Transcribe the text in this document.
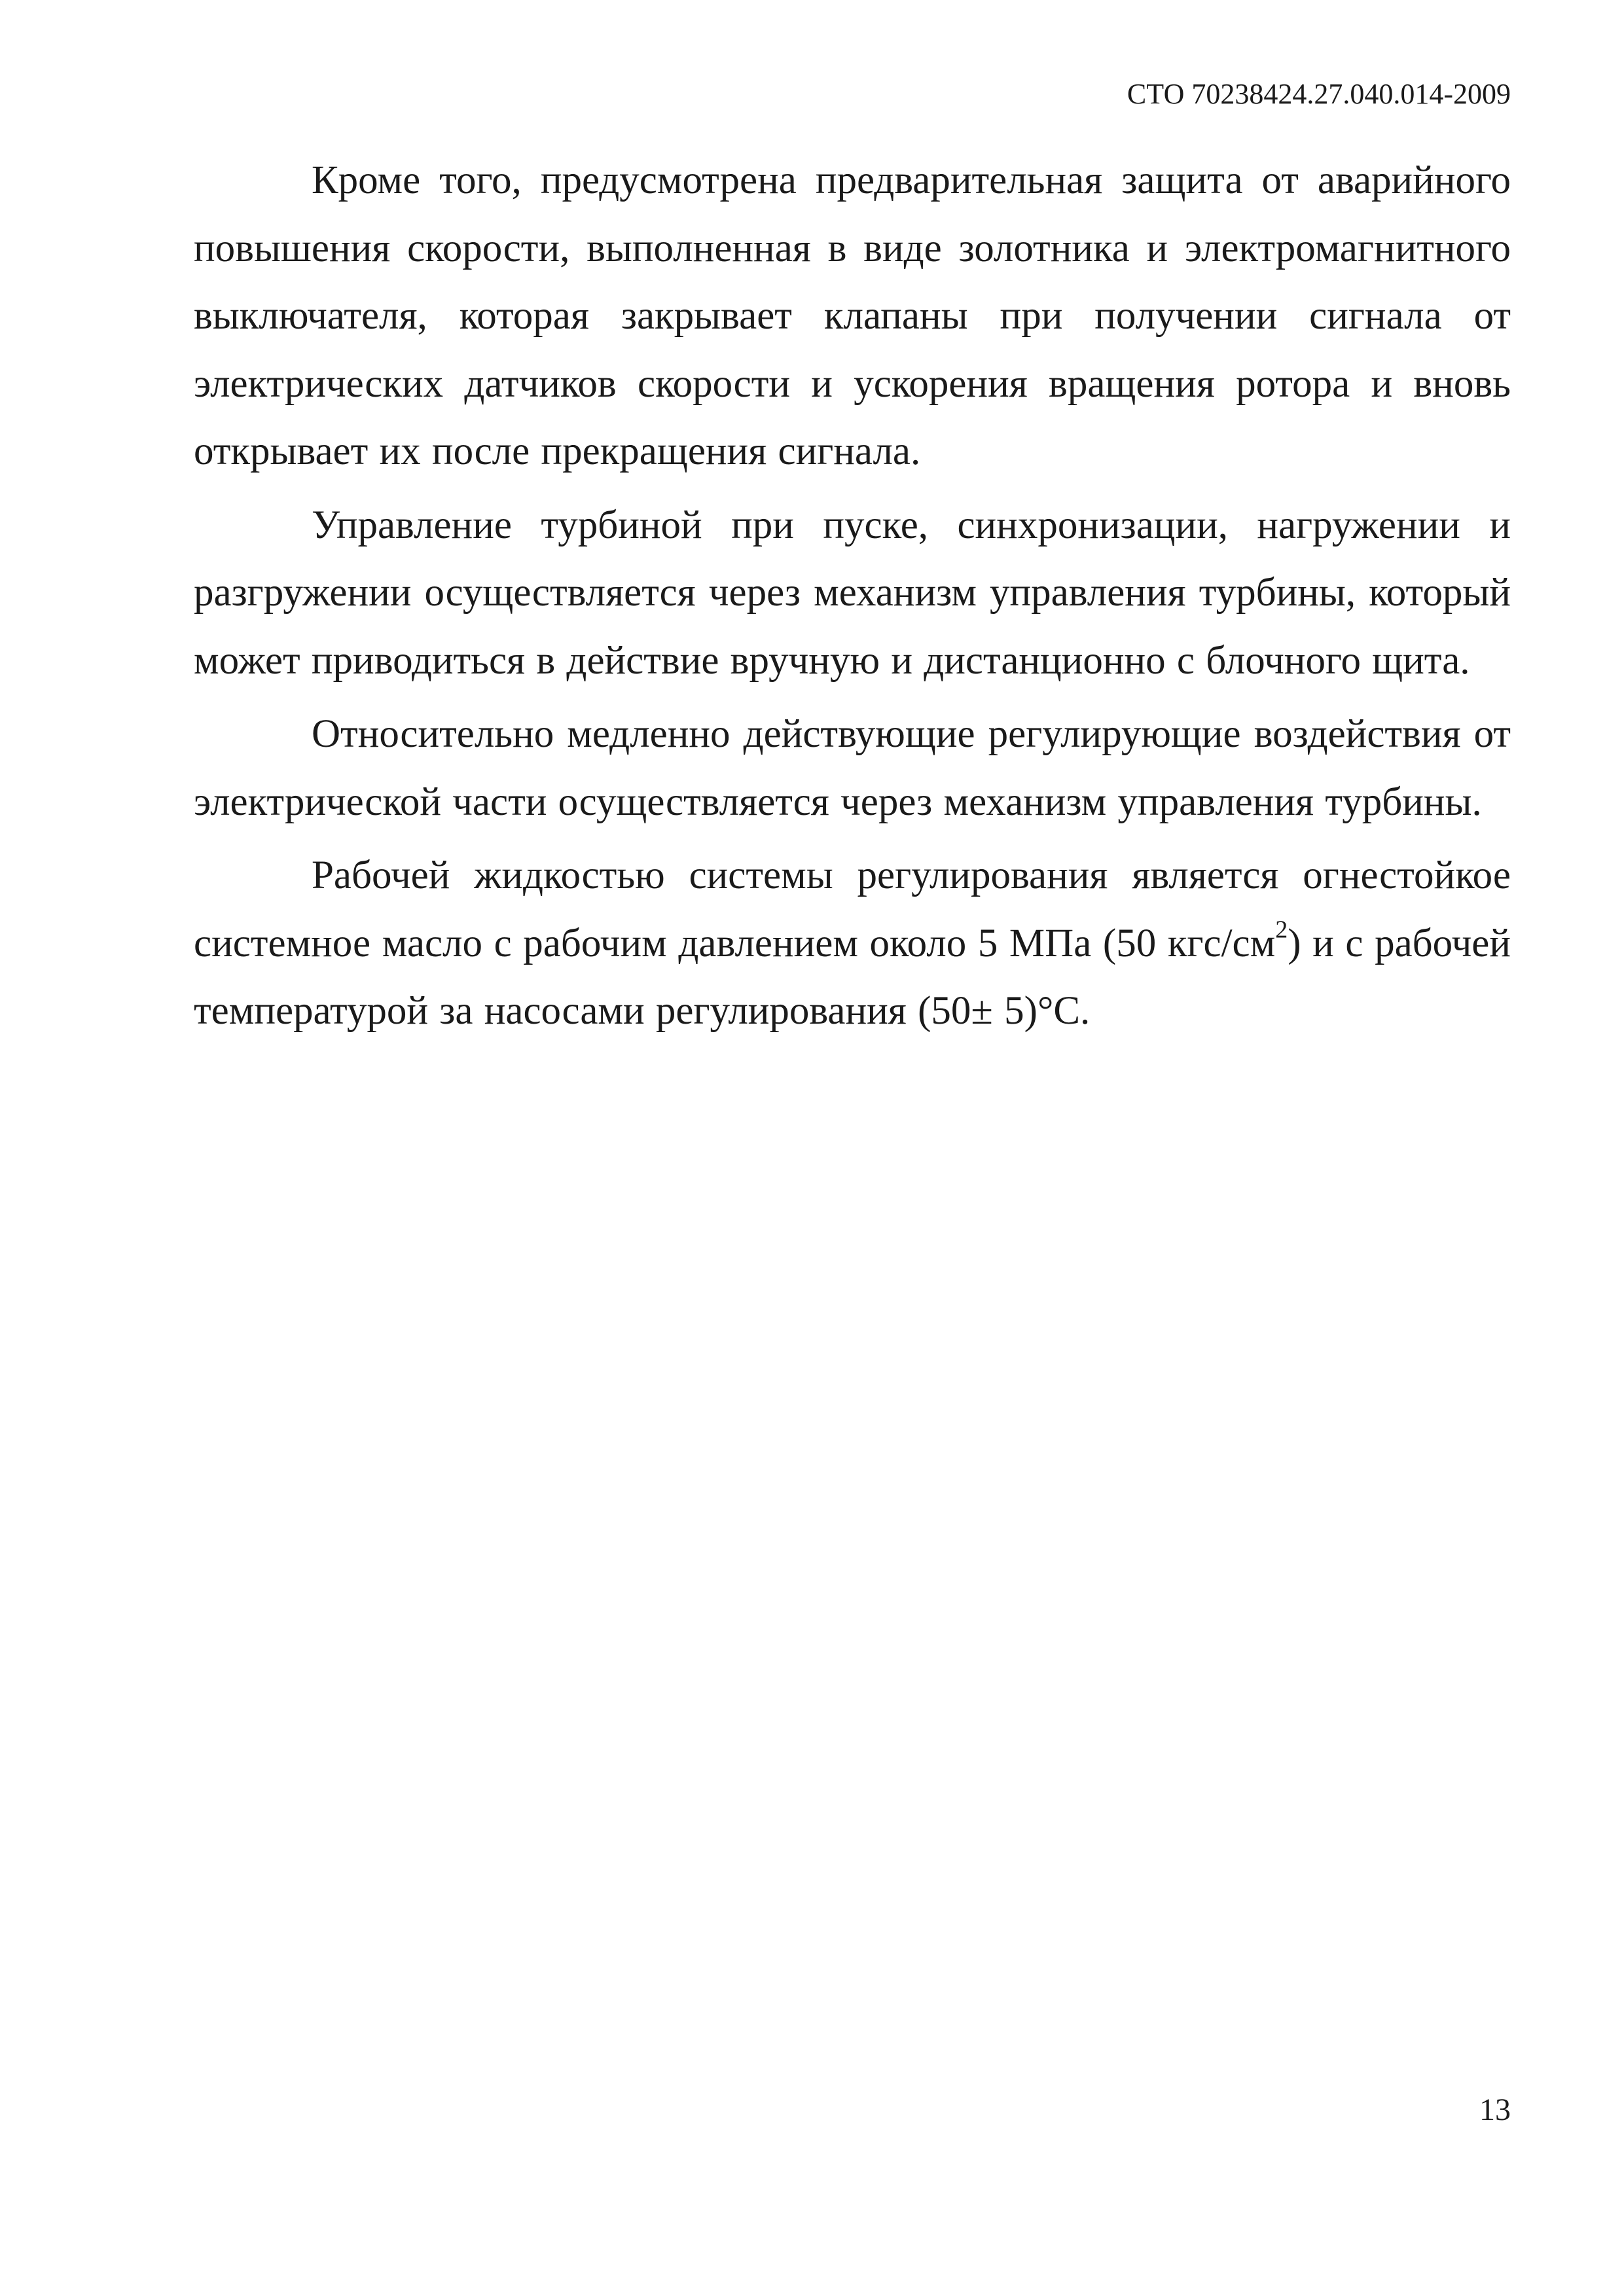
СТО 70238424.27.040.014-2009

Кроме того, предусмотрена предварительная защита от аварийного повышения скорости, выполненная в виде золотника и электромагнитного выключателя, которая закрывает клапаны при получении сигнала от электрических датчиков скорости и ускорения вращения ротора и вновь открывает их после прекращения сигнала.

Управление турбиной при пуске, синхронизации, нагружении и разгружении осуществляется через механизм управления турбины, который может приводиться в действие вручную и дистанционно с блочного щита.

Относительно медленно действующие регулирующие воздействия от электрической части осуществляется через механизм управления турбины.

Рабочей жидкостью системы регулирования является огнестойкое системное масло с рабочим давлением около 5 МПа (50 кгс/$см^2$) и с рабочей температурой за насосами регулирования (50± 5)°С.

13
